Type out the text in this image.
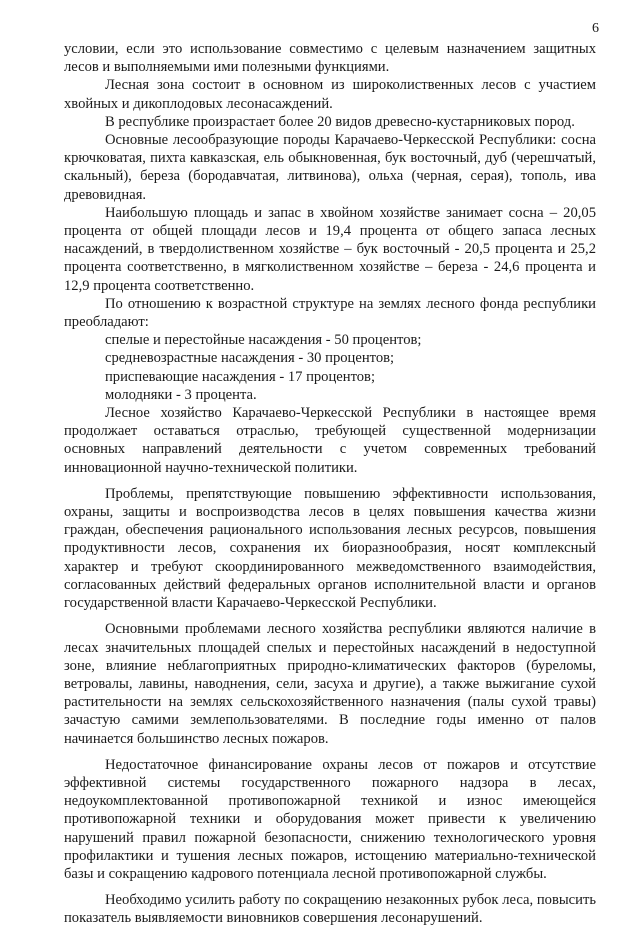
6

условии, если это использование совместимо с целевым назначением защитных лесов и выполняемыми ими полезными функциями.

Лесная зона состоит в основном из широколиственных лесов с участием хвойных и дикоплодовых лесонасаждений.

В республике произрастает более 20 видов древесно-кустарниковых пород.

Основные лесообразующие породы Карачаево-Черкесской Республики: сосна крючковатая, пихта кавказская, ель обыкновенная, бук восточный, дуб (черешчатый, скальный), береза (бородавчатая, литвинова), ольха (черная, серая), тополь, ива древовидная.

Наибольшую площадь и запас в хвойном хозяйстве занимает сосна – 20,05 процента от общей площади лесов и 19,4 процента от общего запаса лесных насаждений, в твердолиственном хозяйстве – бук восточный - 20,5 процента и 25,2 процента соответственно, в мягколиственном хозяйстве – береза - 24,6 процента и 12,9 процента соответственно.

По отношению к возрастной структуре на землях лесного фонда республики преобладают:

спелые и перестойные насаждения - 50 процентов;
средневозрастные насаждения - 30 процентов;
приспевающие насаждения - 17 процентов;
молодняки - 3 процента.

Лесное хозяйство Карачаево-Черкесской Республики в настоящее время продолжает оставаться отраслью, требующей существенной модернизации основных направлений деятельности с учетом современных требований инновационной научно-технической политики.

Проблемы, препятствующие повышению эффективности использования, охраны, защиты и воспроизводства лесов в целях повышения качества жизни граждан, обеспечения рационального использования лесных ресурсов, повышения продуктивности лесов, сохранения их биоразнообразия, носят комплексный характер и требуют скоординированного межведомственного взаимодействия, согласованных действий федеральных органов исполнительной власти и органов государственной власти Карачаево-Черкесской Республики.

Основными проблемами лесного хозяйства республики являются наличие в лесах значительных площадей спелых и перестойных насаждений в недоступной зоне, влияние неблагоприятных природно-климатических факторов (буреломы, ветровалы, лавины, наводнения, сели, засуха и другие), а также выжигание сухой растительности на землях сельскохозяйственного назначения (палы сухой травы) зачастую самими землепользователями. В последние годы именно от палов начинается большинство лесных пожаров.

Недостаточное финансирование охраны лесов от пожаров и отсутствие эффективной системы государственного пожарного надзора в лесах, недоукомплектованной противопожарной техникой и износ имеющейся противопожарной техники и оборудования может привести к увеличению нарушений правил пожарной безопасности, снижению технологического уровня профилактики и тушения лесных пожаров, истощению материально-технической базы и сокращению кадрового потенциала лесной противопожарной службы.

Необходимо усилить работу по сокращению незаконных рубок леса, повысить показатель выявляемости виновников совершения лесонарушений.
